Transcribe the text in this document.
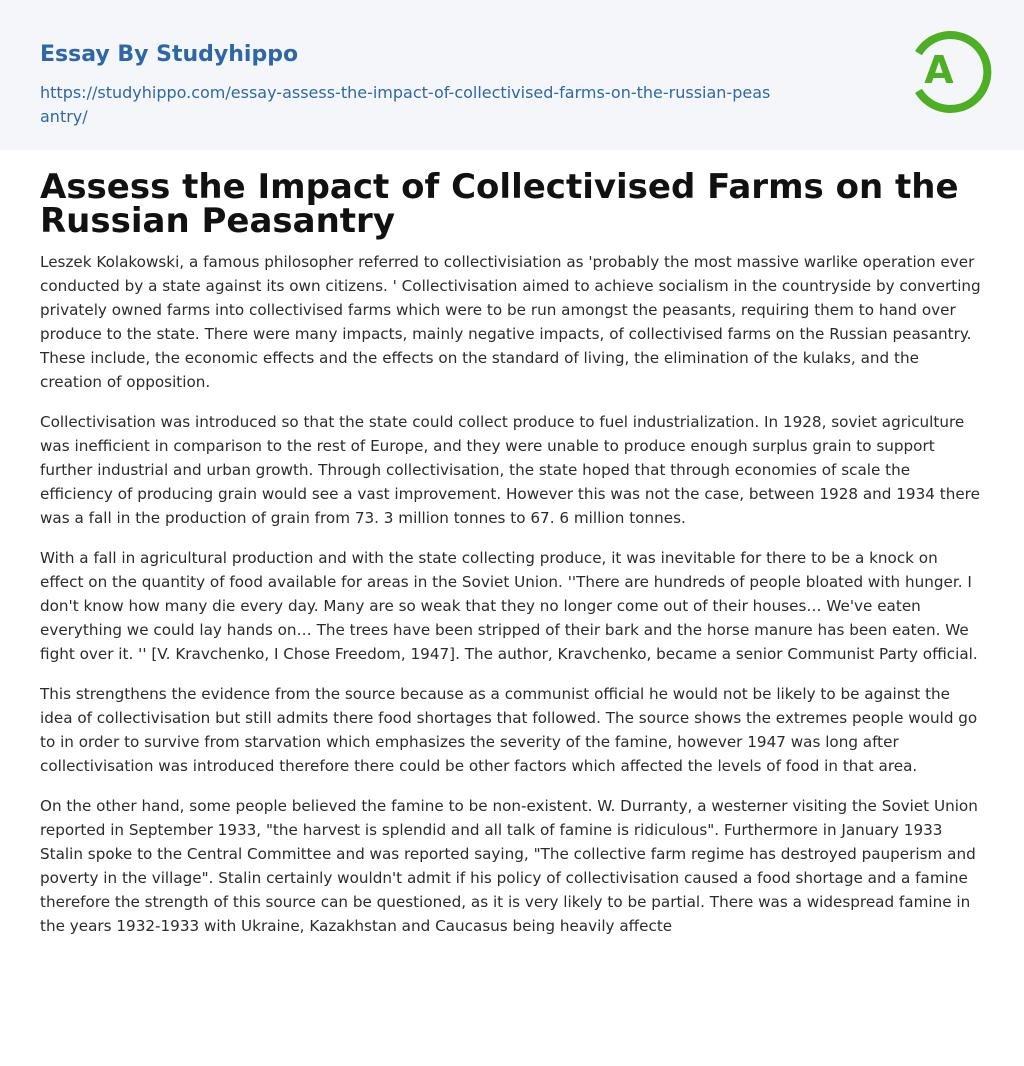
Essay By Studyhippo
https://studyhippo.com/essay-assess-the-impact-of-collectivised-farms-on-the-russian-peasantry/
A
Assess the Impact of Collectivised Farms on the Russian Peasantry

Leszek Kolakowski, a famous philosopher referred to collectivisiation as 'probably the most massive warlike operation ever conducted by a state against its own citizens. ' Collectivisation aimed to achieve socialism in the countryside by converting privately owned farms into collectivised farms which were to be run amongst the peasants, requiring them to hand over produce to the state. There were many impacts, mainly negative impacts, of collectivised farms on the Russian peasantry. These include, the economic effects and the effects on the standard of living, the elimination of the kulaks, and the creation of opposition.

Collectivisation was introduced so that the state could collect produce to fuel industrialization. In 1928, soviet agriculture was inefficient in comparison to the rest of Europe, and they were unable to produce enough surplus grain to support further industrial and urban growth. Through collectivisation, the state hoped that through economies of scale the efficiency of producing grain would see a vast improvement. However this was not the case, between 1928 and 1934 there was a fall in the production of grain from 73. 3 million tonnes to 67. 6 million tonnes.

With a fall in agricultural production and with the state collecting produce, it was inevitable for there to be a knock on effect on the quantity of food available for areas in the Soviet Union. ''There are hundreds of people bloated with hunger. I don't know how many die every day. Many are so weak that they no longer come out of their houses… We've eaten everything we could lay hands on… The trees have been stripped of their bark and the horse manure has been eaten. We fight over it. '' [V. Kravchenko, I Chose Freedom, 1947]. The author, Kravchenko, became a senior Communist Party official.

This strengthens the evidence from the source because as a communist official he would not be likely to be against the idea of collectivisation but still admits there food shortages that followed. The source shows the extremes people would go to in order to survive from starvation which emphasizes the severity of the famine, however 1947 was long after collectivisation was introduced therefore there could be other factors which affected the levels of food in that area.

On the other hand, some people believed the famine to be non-existent. W. Durranty, a westerner visiting the Soviet Union reported in September 1933, "the harvest is splendid and all talk of famine is ridiculous". Furthermore in January 1933 Stalin spoke to the Central Committee and was reported saying, "The collective farm regime has destroyed pauperism and poverty in the village". Stalin certainly wouldn't admit if his policy of collectivisation caused a food shortage and a famine therefore the strength of this source can be questioned, as it is very likely to be partial. There was a widespread famine in the years 1932-1933 with Ukraine, Kazakhstan and Caucasus being heavily affecte
